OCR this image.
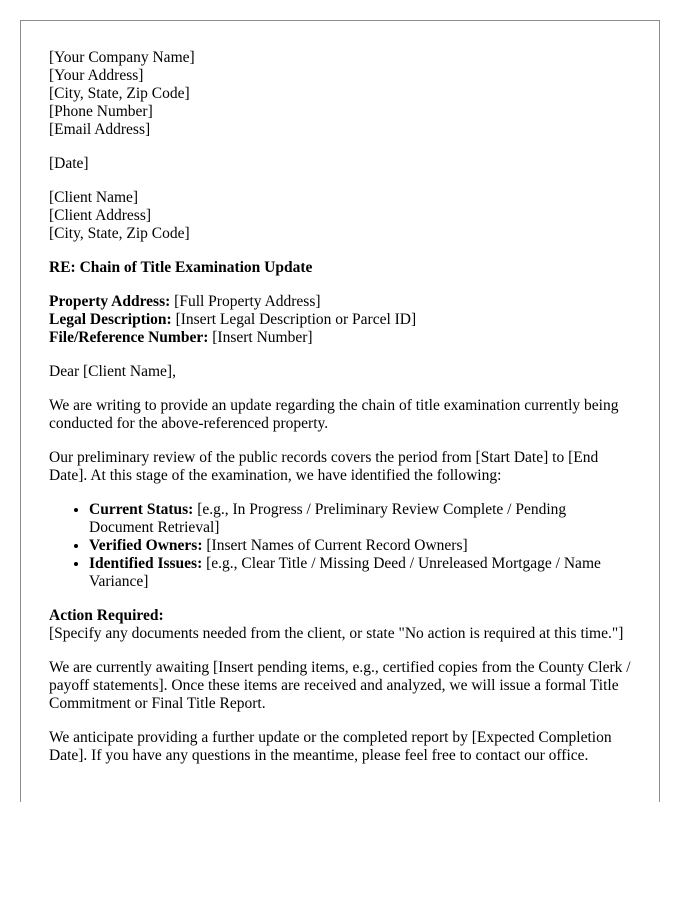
[Your Company Name]
[Your Address]
[City, State, Zip Code]
[Phone Number]
[Email Address]
[Date]
[Client Name]
[Client Address]
[City, State, Zip Code]
RE: Chain of Title Examination Update
Property Address: [Full Property Address]
Legal Description: [Insert Legal Description or Parcel ID]
File/Reference Number: [Insert Number]

Dear [Client Name],

We are writing to provide an update regarding the chain of title examination currently being conducted for the above-referenced property.

Our preliminary review of the public records covers the period from [Start Date] to [End Date]. At this stage of the examination, we have identified the following:

• Current Status: [e.g., In Progress / Preliminary Review Complete / Pending Document Retrieval]
• Verified Owners: [Insert Names of Current Record Owners]
• Identified Issues: [e.g., Clear Title / Missing Deed / Unreleased Mortgage / Name Variance]
Action Required:
[Specify any documents needed from the client, or state "No action is required at this time."]

We are currently awaiting [Insert pending items, e.g., certified copies from the County Clerk / payoff statements]. Once these items are received and analyzed, we will issue a formal Title Commitment or Final Title Report.

We anticipate providing a further update or the completed report by [Expected Completion Date]. If you have any questions in the meantime, please feel free to contact our office.
